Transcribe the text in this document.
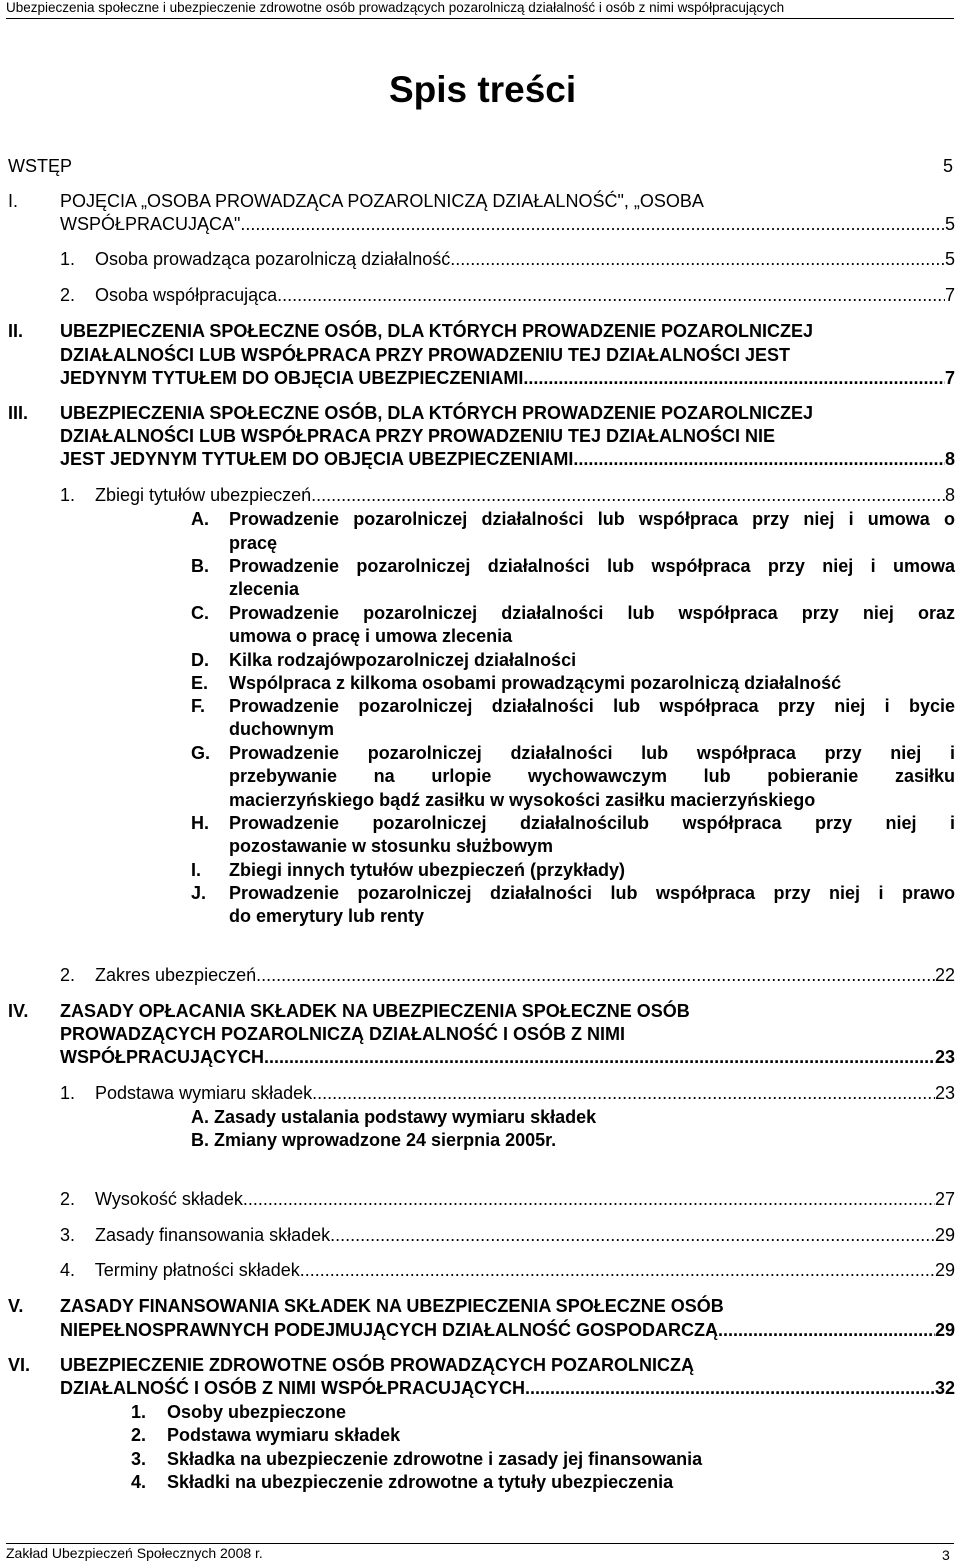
Ubezpieczenia społeczne i ubezpieczenie zdrowotne osób prowadzących pozarolniczą działalność i osób z nimi współpracujących
Spis treści
WSTĘP	5
I. POJĘCIA „OSOBA PROWADZĄCA POZAROLNICZĄ DZIAŁALNOŚĆ", „OSOBA
WSPÓŁPRACUJĄCA" .....	5
1.    Osoba prowadząca pozarolniczą działalność .....	5
2.    Osoba współpracująca .....	7
II. UBEZPIECZENIA SPOŁECZNE OSÓB, DLA KTÓRYCH PROWADZENIE POZAROLNICZEJ
DZIAŁALNOŚCI LUB WSPÓŁPRACA PRZY PROWADZENIU TEJ DZIAŁALNOŚCI JEST
JEDYNYM TYTUŁEM DO OBJĘCIA UBEZPIECZENIAMI .....	7
III. UBEZPIECZENIA SPOŁECZNE OSÓB, DLA KTÓRYCH PROWADZENIE POZAROLNICZEJ
DZIAŁALNOŚCI LUB WSPÓŁPRACA PRZY PROWADZENIU TEJ DZIAŁALNOŚCI NIE
JEST JEDYNYM TYTUŁEM DO OBJĘCIA UBEZPIECZENIAMI .....	8
1.    Zbiegi tytułów ubezpieczeń .....	8
A. Prowadzenie pozarolniczej działalności lub współpraca przy niej i umowa o
pracę
B. Prowadzenie pozarolniczej działalności lub współpraca przy niej i umowa
zlecenia
C. Prowadzenie pozarolniczej działalności lub współpraca przy niej oraz
umowa o pracę i umowa zlecenia
D. Kilka rodzajówpozarolniczej działalności
E. Wspólpraca z kilkoma osobami prowadzącymi pozarolniczą działalność
F. Prowadzenie pozarolniczej działalności lub współpraca przy niej i bycie
duchownym
G. Prowadzenie pozarolniczej działalności lub współpraca przy niej i
przebywanie na urlopie wychowawczym lub pobieranie zasiłku
macierzyńskiego bądź zasiłku w wysokości zasiłku macierzyńskiego
H. Prowadzenie pozarolniczej działalnościlub współpraca przy niej i
pozostawanie w stosunku służbowym
I. Zbiegi innych tytułów ubezpieczeń (przykłady)
J. Prowadzenie pozarolniczej działalności lub współpraca przy niej i prawo
do emerytury lub renty
2.    Zakres ubezpieczeń .....	22
IV. ZASADY OPŁACANIA SKŁADEK NA UBEZPIECZENIA SPOŁECZNE OSÓB
PROWADZĄCYCH POZAROLNICZĄ DZIAŁALNOŚĆ I OSÓB Z NIMI
WSPÓŁPRACUJĄCYCH .....	23
1.    Podstawa wymiaru składek .....	23
A. Zasady ustalania podstawy wymiaru składek
B. Zmiany wprowadzone 24 sierpnia 2005r.
2.    Wysokość składek .....	27
3.    Zasady finansowania składek .....	29
4.    Terminy płatności składek .....	29
V. ZASADY FINANSOWANIA SKŁADEK NA UBEZPIECZENIA SPOŁECZNE OSÓB
NIEPEŁNOSPRAWNYCH PODEJMUJĄCYCH DZIAŁALNOŚĆ GOSPODARCZĄ .....	29
VI. UBEZPIECZENIE ZDROWOTNE OSÓB PROWADZĄCYCH POZAROLNICZĄ
DZIAŁALNOŚĆ I OSÓB Z NIMI WSPÓŁPRACUJĄCYCH .....	32
1. Osoby ubezpieczone
2. Podstawa wymiaru składek
3. Składka na ubezpieczenie zdrowotne i zasady jej finansowania
4. Składki na ubezpieczenie zdrowotne a tytuły ubezpieczenia
Zakład Ubezpieczeń Społecznych 2008 r.	3
